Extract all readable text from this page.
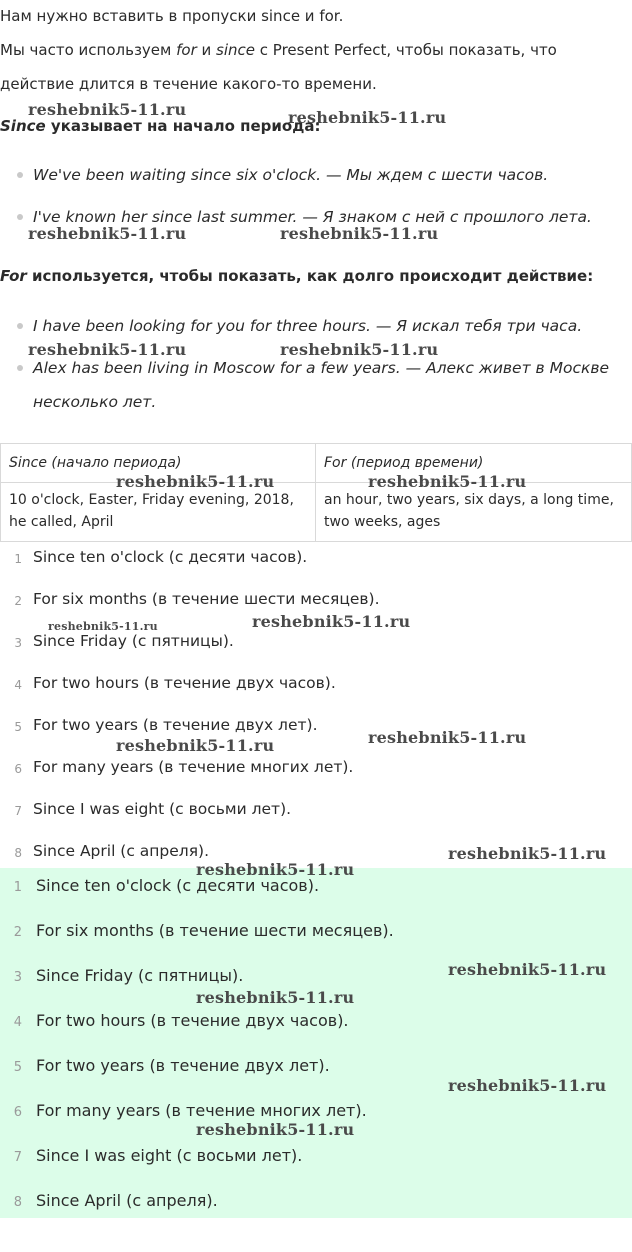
Нам нужно вставить в пропуски since и for.
Мы часто используем for и since с Present Perfect, чтобы показать, что
действие длится в течение какого-то времени.
Since указывает на начало периода:
We've been waiting since six o'clock. — Мы ждем с шести часов.
I've known her since last summer. — Я знаком с ней с прошлого лета.
For используется, чтобы показать, как долго происходит действие:
I have been looking for you for three hours. — Я искал тебя три часа.
Alex has been living in Moscow for a few years. — Алекс живет в Москве
несколько лет.
Since (начало периода)	For (период времени)
10 o'clock, Easter, Friday evening, 2018, he called, April	an hour, two years, six days, a long time, two weeks, ages
1 Since ten o'clock (с десяти часов).
2 For six months (в течение шести месяцев).
3 Since Friday (с пятницы).
4 For two hours (в течение двух часов).
5 For two years (в течение двух лет).
6 For many years (в течение многих лет).
7 Since I was eight (с восьми лет).
8 Since April (с апреля).
1 Since ten o'clock (с десяти часов).
2 For six months (в течение шести месяцев).
3 Since Friday (с пятницы).
4 For two hours (в течение двух часов).
5 For two years (в течение двух лет).
6 For many years (в течение многих лет).
7 Since I was eight (с восьми лет).
8 Since April (с апреля).
reshebnik5-11.ru	reshebnik5-11.ru
reshebnik5-11.ru	reshebnik5-11.ru
reshebnik5-11.ru	reshebnik5-11.ru
reshebnik5-11.ru	reshebnik5-11.ru
reshebnik5-11.ru	reshebnik5-11.ru
reshebnik5-11.ru	reshebnik5-11.ru
reshebnik5-11.ru
reshebnik5-11.ru
reshebnik5-11.ru
reshebnik5-11.ru
reshebnik5-11.ru
reshebnik5-11.ru
